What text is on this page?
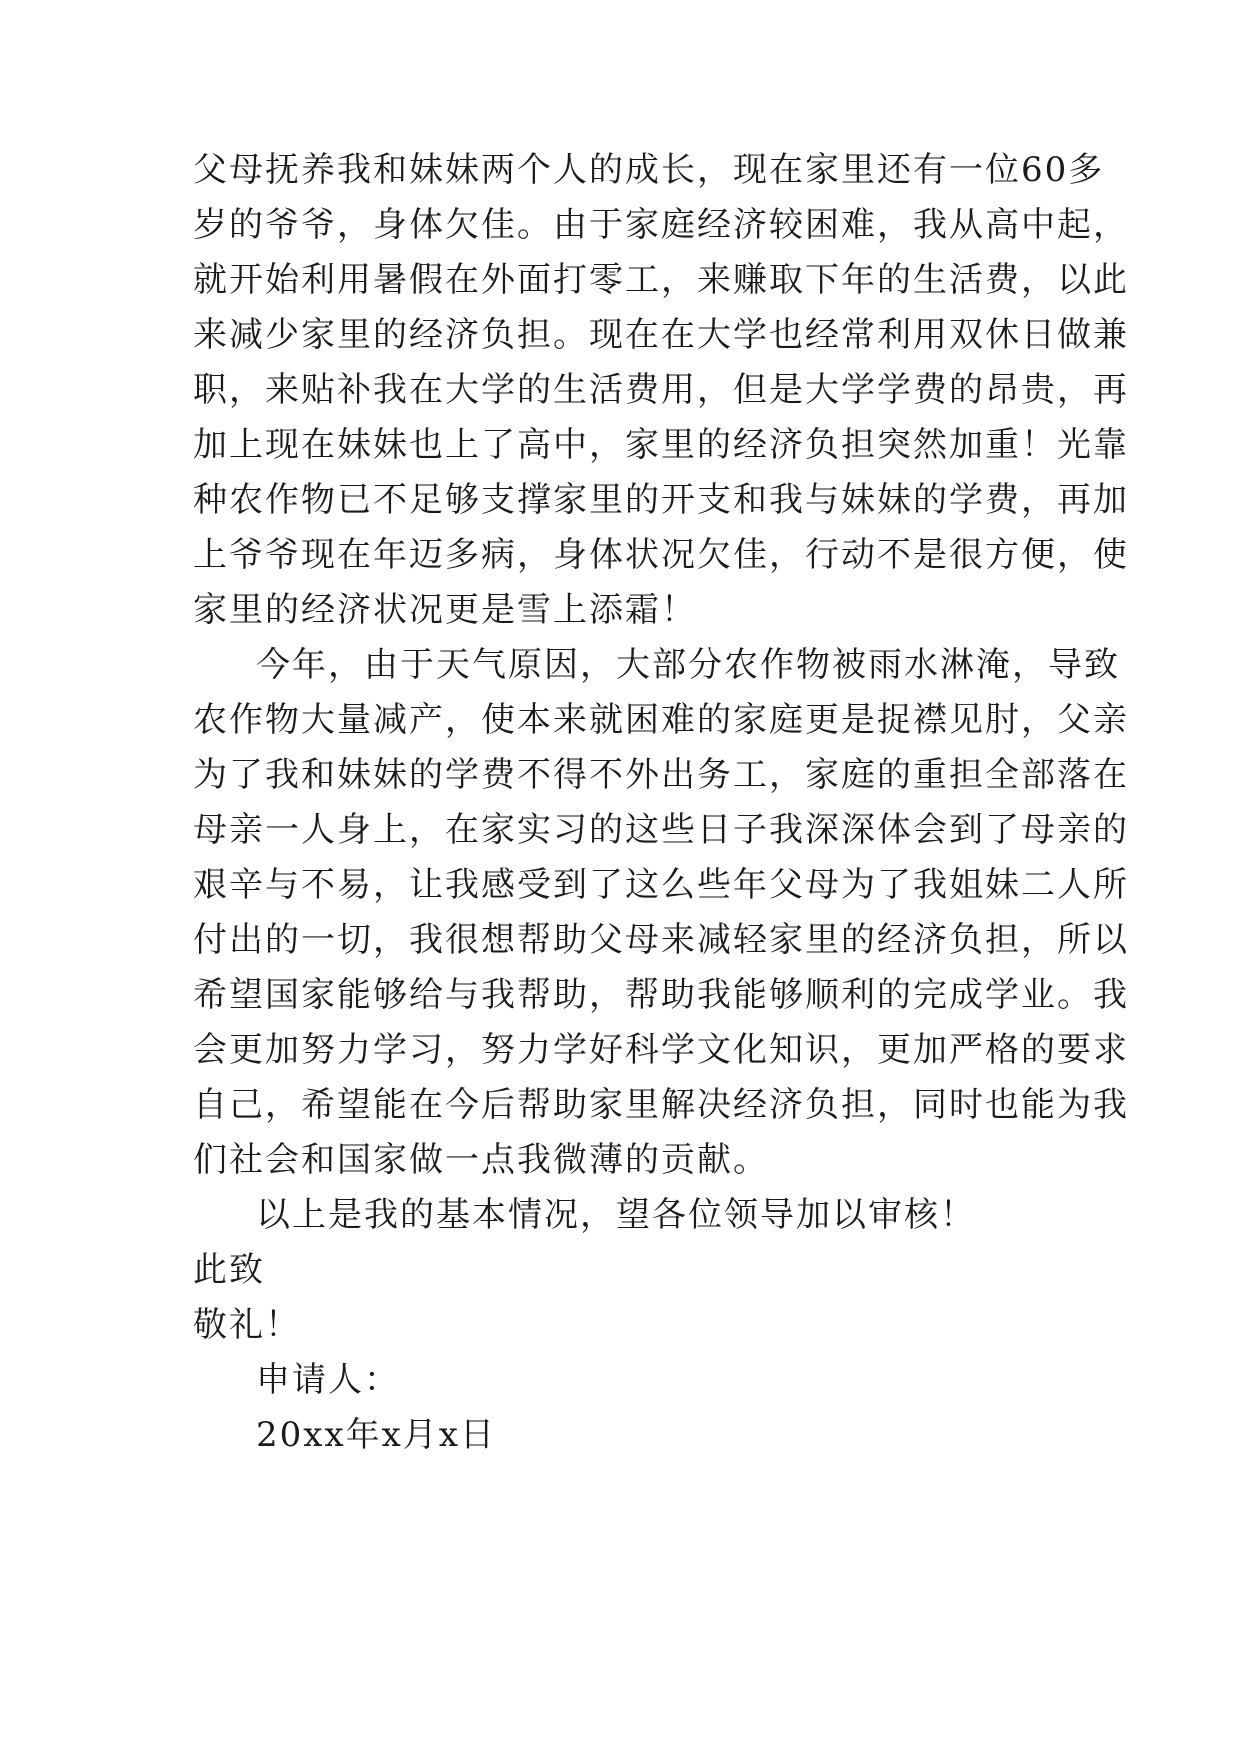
父母抚养我和妹妹两个人的成长，现在家里还有一位60多
岁的爷爷，身体欠佳。由于家庭经济较困难，我从高中起，
就开始利用暑假在外面打零工，来赚取下年的生活费，以此
来减少家里的经济负担。现在在大学也经常利用双休日做兼
职，来贴补我在大学的生活费用，但是大学学费的昂贵，再
加上现在妹妹也上了高中，家里的经济负担突然加重！光靠
种农作物已不足够支撑家里的开支和我与妹妹的学费，再加
上爷爷现在年迈多病，身体状况欠佳，行动不是很方便，使
家里的经济状况更是雪上添霜！
今年，由于天气原因，大部分农作物被雨水淋淹，导致
农作物大量减产，使本来就困难的家庭更是捉襟见肘，父亲
为了我和妹妹的学费不得不外出务工，家庭的重担全部落在
母亲一人身上，在家实习的这些日子我深深体会到了母亲的
艰辛与不易，让我感受到了这么些年父母为了我姐妹二人所
付出的一切，我很想帮助父母来减轻家里的经济负担，所以
希望国家能够给与我帮助，帮助我能够顺利的完成学业。我
会更加努力学习，努力学好科学文化知识，更加严格的要求
自己，希望能在今后帮助家里解决经济负担，同时也能为我
们社会和国家做一点我微薄的贡献。
以上是我的基本情况，望各位领导加以审核！
此致
敬礼！
申请人：
20xx年x月x日
